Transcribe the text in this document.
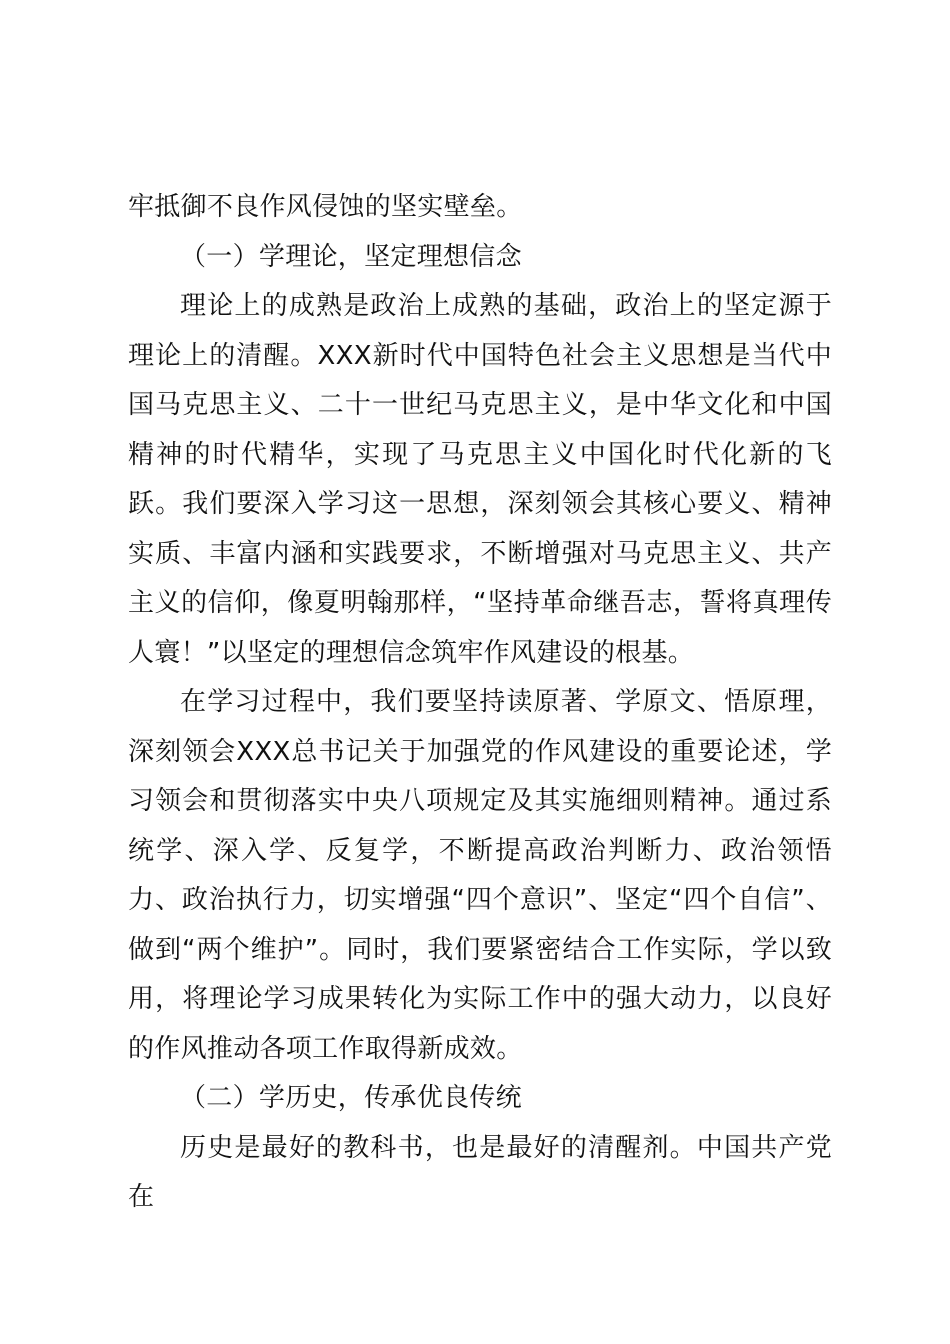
牢抵御不良作风侵蚀的坚实壁垒。

（一）学理论，坚定理想信念

理论上的成熟是政治上成熟的基础，政治上的坚定源于理论上的清醒。XXX新时代中国特色社会主义思想是当代中国马克思主义、二十一世纪马克思主义，是中华文化和中国精神的时代精华，实现了马克思主义中国化时代化新的飞跃。我们要深入学习这一思想，深刻领会其核心要义、精神实质、丰富内涵和实践要求，不断增强对马克思主义、共产主义的信仰，像夏明翰那样，“坚持革命继吾志，誓将真理传人寰！”以坚定的理想信念筑牢作风建设的根基。

在学习过程中，我们要坚持读原著、学原文、悟原理，深刻领会XXX总书记关于加强党的作风建设的重要论述，学习领会和贯彻落实中央八项规定及其实施细则精神。通过系统学、深入学、反复学，不断提高政治判断力、政治领悟力、政治执行力，切实增强“四个意识”、坚定“四个自信”、做到“两个维护”。同时，我们要紧密结合工作实际，学以致用，将理论学习成果转化为实际工作中的强大动力，以良好的作风推动各项工作取得新成效。

（二）学历史，传承优良传统

历史是最好的教科书，也是最好的清醒剂。中国共产党在
